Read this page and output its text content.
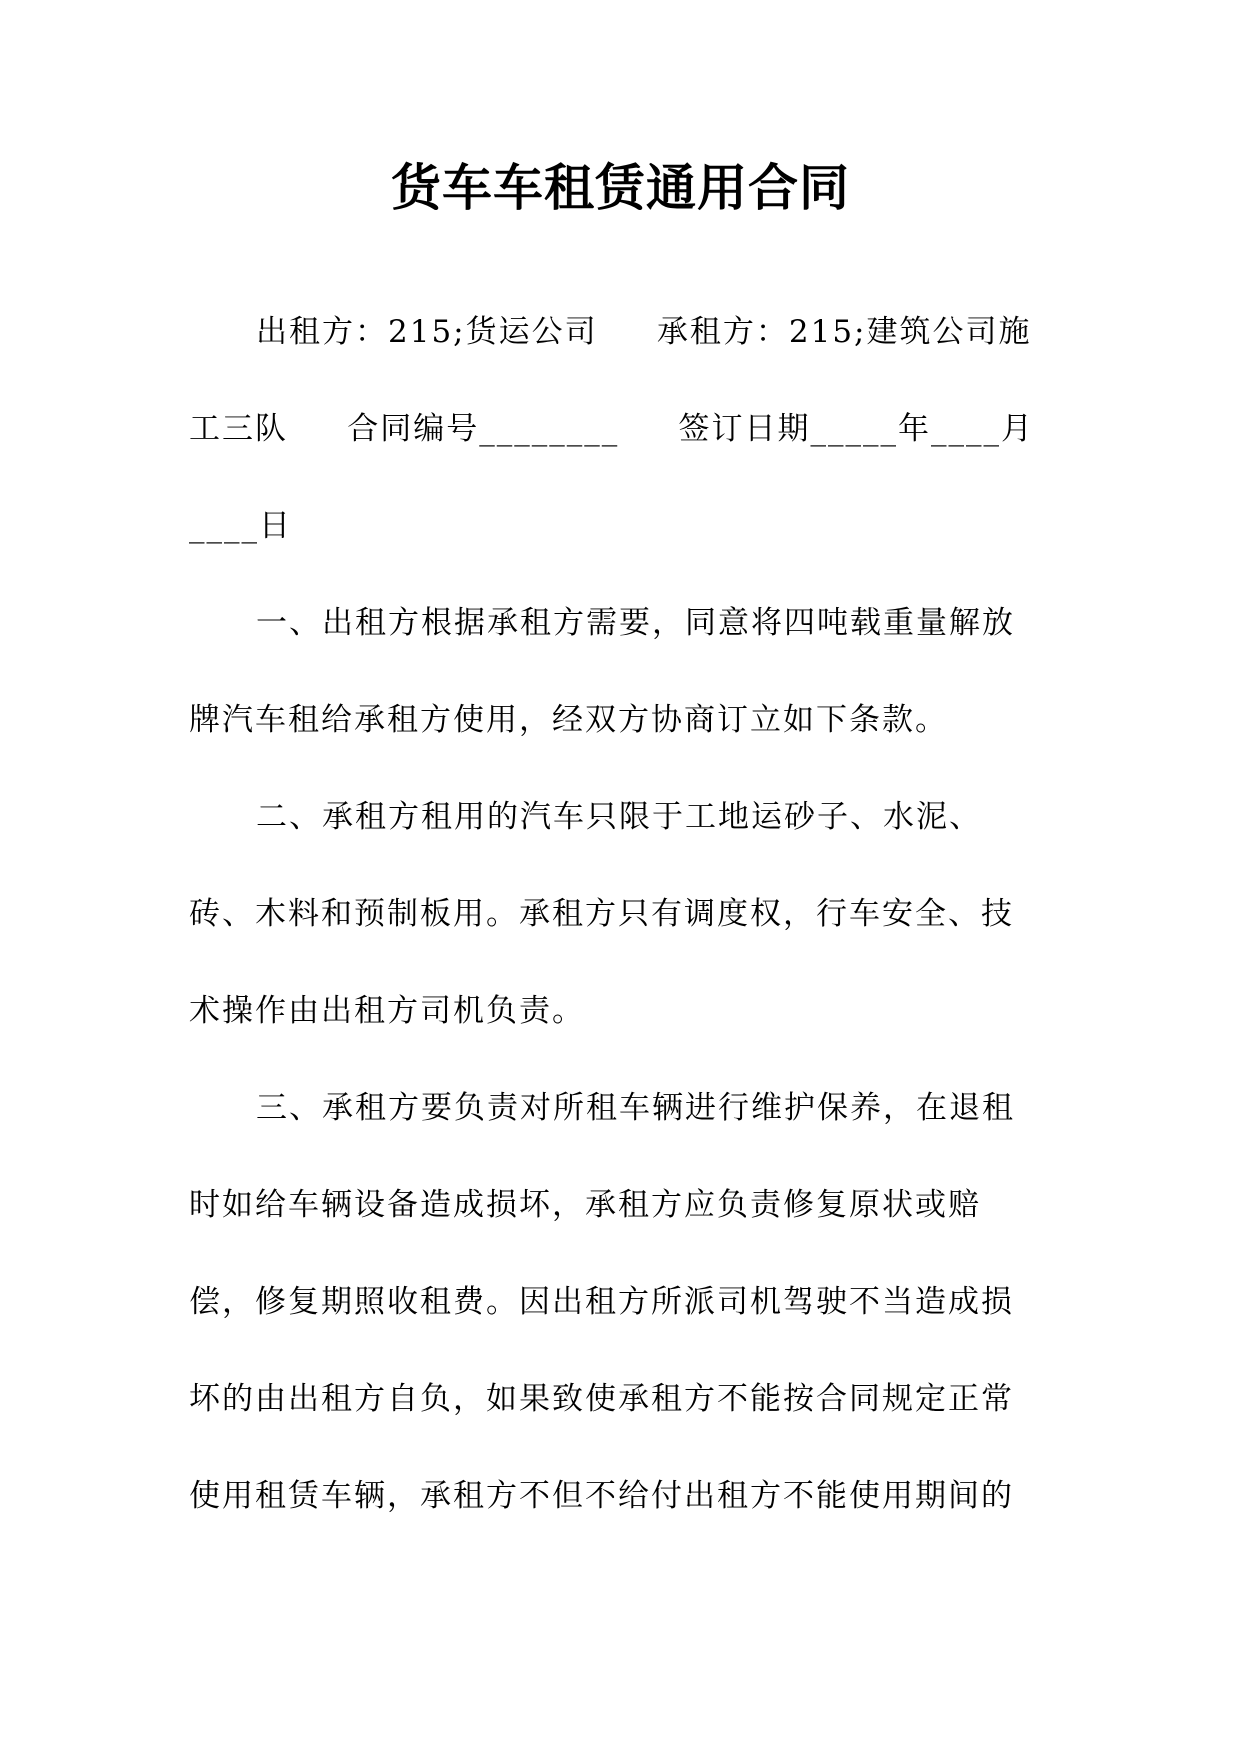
货车车租赁通用合同
出租方：215;货运公司     承租方：215;建筑公司施
工三队     合同编号________     签订日期_____年____月
____日
一、出租方根据承租方需要，同意将四吨载重量解放
牌汽车租给承租方使用，经双方协商订立如下条款。
二、承租方租用的汽车只限于工地运砂子、水泥、
砖、木料和预制板用。承租方只有调度权，行车安全、技
术操作由出租方司机负责。
三、承租方要负责对所租车辆进行维护保养，在退租
时如给车辆设备造成损坏，承租方应负责修复原状或赔
偿，修复期照收租费。因出租方所派司机驾驶不当造成损
坏的由出租方自负，如果致使承租方不能按合同规定正常
使用租赁车辆，承租方不但不给付出租方不能使用期间的
